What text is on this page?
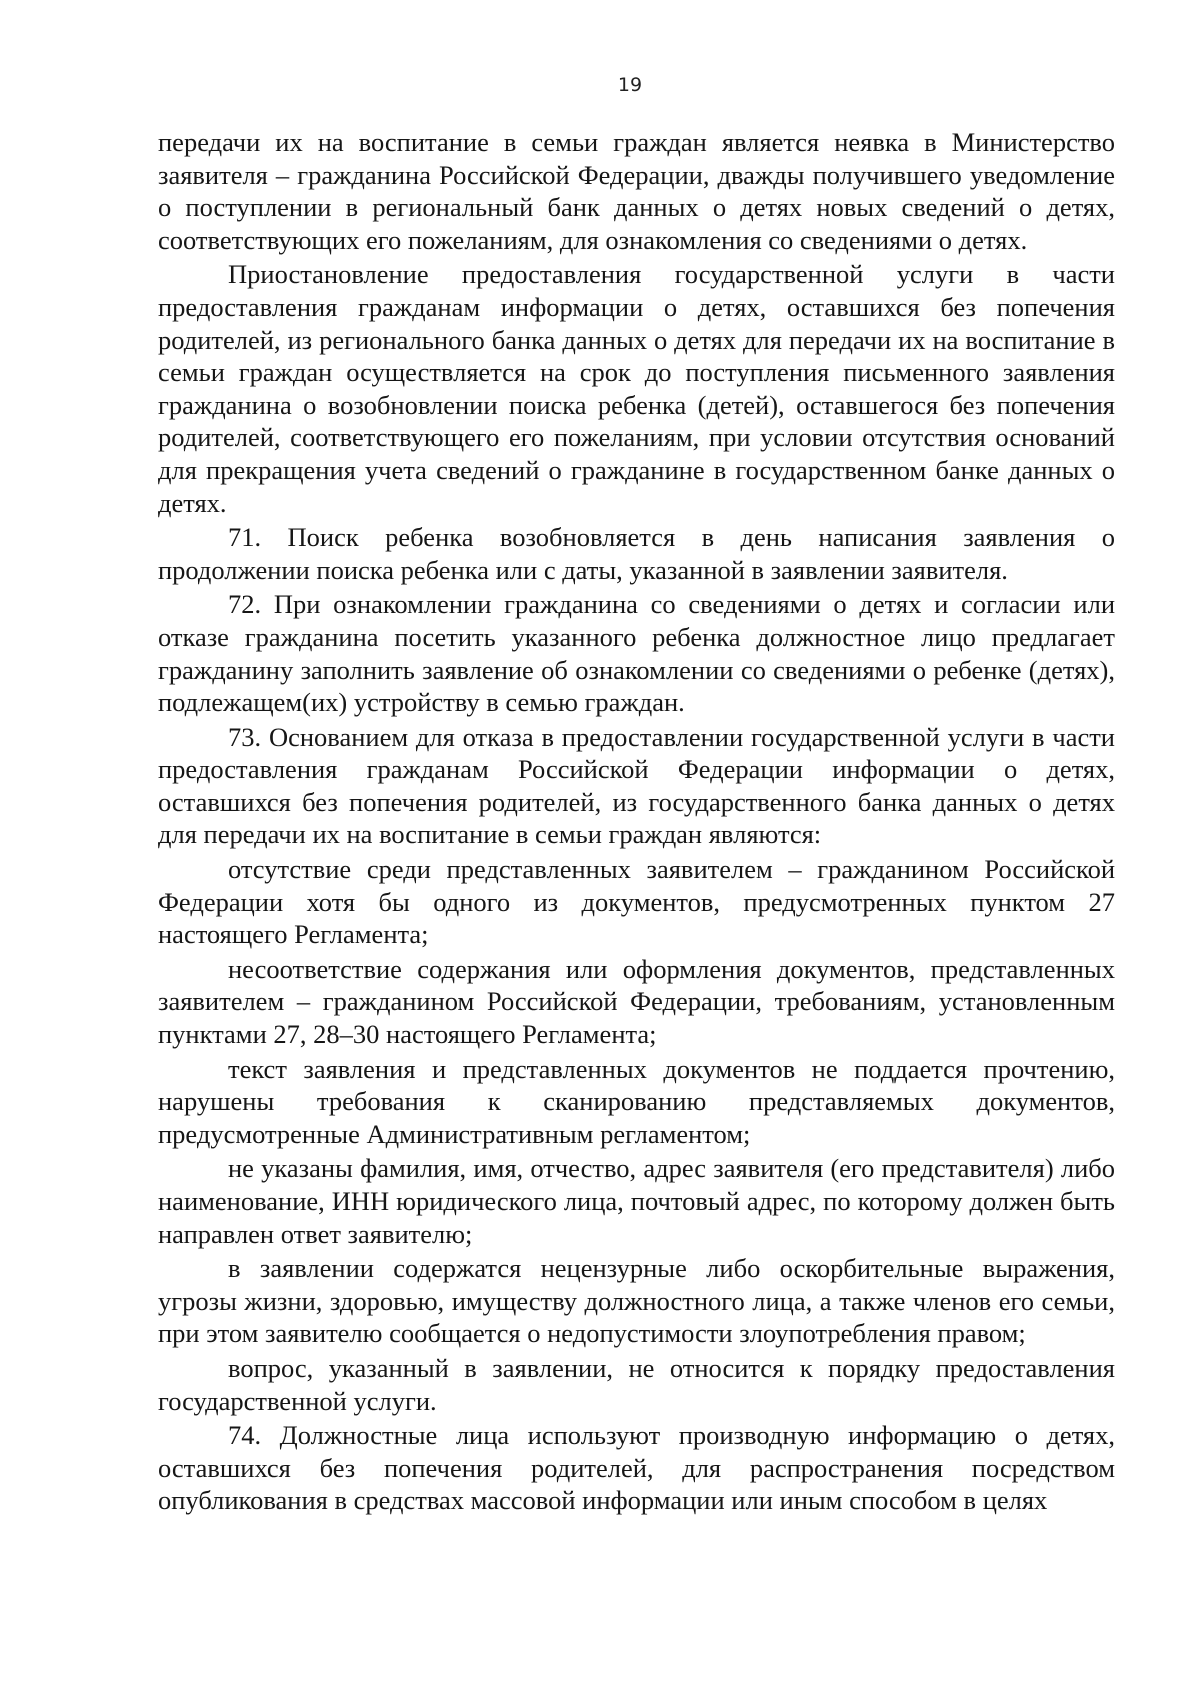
19

передачи их на воспитание в семьи граждан является неявка в Министерство заявителя – гражданина Российской Федерации, дважды получившего уведомление о поступлении в региональный банк данных о детях новых сведений о детях, соответствующих его пожеланиям, для ознакомления со сведениями о детях.

Приостановление предоставления государственной услуги в части предоставления гражданам информации о детях, оставшихся без попечения родителей, из регионального банка данных о детях для передачи их на воспитание в семьи граждан осуществляется на срок до поступления письменного заявления гражданина о возобновлении поиска ребенка (детей), оставшегося без попечения родителей, соответствующего его пожеланиям, при условии отсутствия оснований для прекращения учета сведений о гражданине в государственном банке данных о детях.

71. Поиск ребенка возобновляется в день написания заявления о продолжении поиска ребенка или с даты, указанной в заявлении заявителя.

72. При ознакомлении гражданина со сведениями о детях и согласии или отказе гражданина посетить указанного ребенка должностное лицо предлагает гражданину заполнить заявление об ознакомлении со сведениями о ребенке (детях), подлежащем(их) устройству в семью граждан.

73. Основанием для отказа в предоставлении государственной услуги в части предоставления гражданам Российской Федерации информации о детях, оставшихся без попечения родителей, из государственного банка данных о детях для передачи их на воспитание в семьи граждан являются:

отсутствие среди представленных заявителем – гражданином Российской Федерации хотя бы одного из документов, предусмотренных пунктом 27 настоящего Регламента;

несоответствие содержания или оформления документов, представленных заявителем – гражданином Российской Федерации, требованиям, установленным пунктами 27, 28–30 настоящего Регламента;

текст заявления и представленных документов не поддается прочтению, нарушены требования к сканированию представляемых документов, предусмотренные Административным регламентом;

не указаны фамилия, имя, отчество, адрес заявителя (его представителя) либо наименование, ИНН юридического лица, почтовый адрес, по которому должен быть направлен ответ заявителю;

в заявлении содержатся нецензурные либо оскорбительные выражения, угрозы жизни, здоровью, имуществу должностного лица, а также членов его семьи, при этом заявителю сообщается о недопустимости злоупотребления правом;

вопрос, указанный в заявлении, не относится к порядку предоставления государственной услуги.

74. Должностные лица используют производную информацию о детях, оставшихся без попечения родителей, для распространения посредством опубликования в средствах массовой информации или иным способом в целях
